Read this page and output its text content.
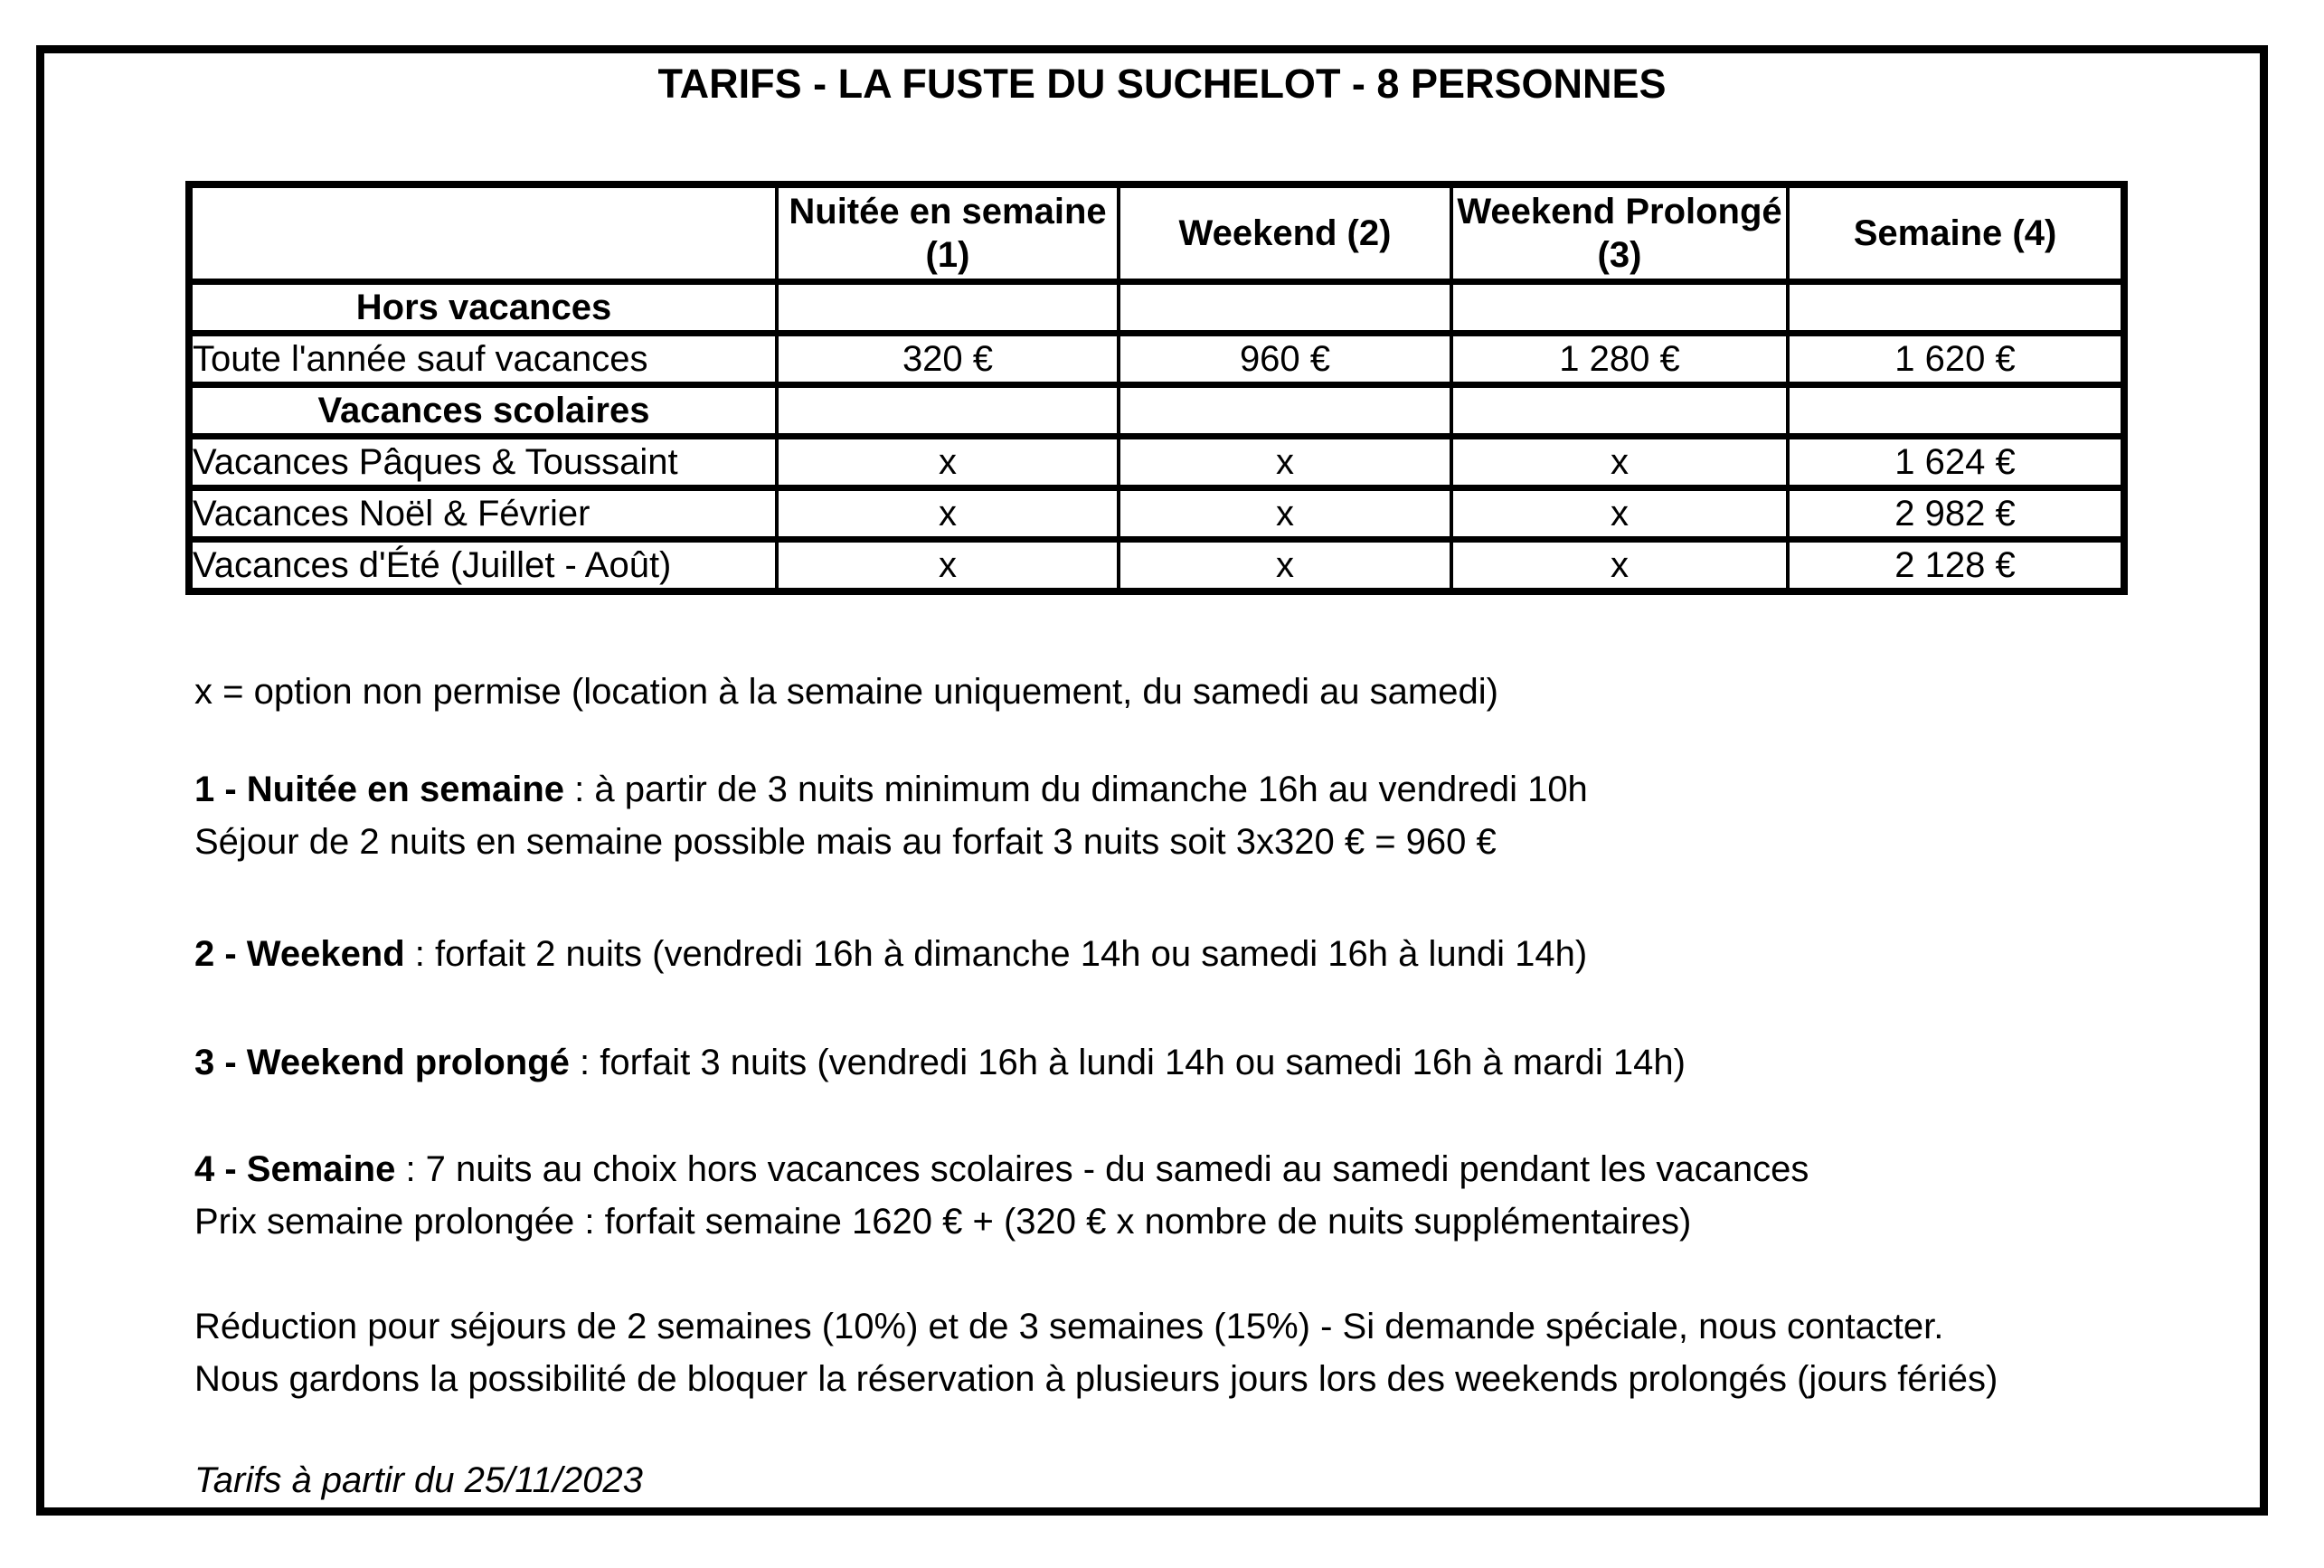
TARIFS - LA FUSTE DU SUCHELOT - 8 PERSONNES
	Nuitée en semaine (1)	Weekend (2)	Weekend Prolongé (3)	Semaine (4)
Hors vacances				
Toute l'année sauf vacances	320 €	960 €	1 280 €	1 620 €
Vacances scolaires				
Vacances Pâques & Toussaint	x	x	x	1 624 €
Vacances Noël & Février	x	x	x	2 982 €
Vacances d'Été (Juillet - Août)	x	x	x	2 128 €
x = option non permise (location à la semaine uniquement, du samedi au samedi)
1 - Nuitée en semaine : à partir de 3 nuits minimum du dimanche 16h au vendredi 10h
Séjour de 2 nuits en semaine possible mais au forfait 3 nuits soit 3x320 € = 960 €
2 - Weekend : forfait 2 nuits (vendredi 16h à dimanche 14h ou samedi 16h à lundi 14h)
3 - Weekend prolongé : forfait 3 nuits (vendredi 16h à lundi 14h ou samedi 16h à mardi 14h)
4 - Semaine : 7 nuits au choix hors vacances scolaires - du samedi au samedi pendant les vacances
Prix semaine prolongée : forfait semaine 1620 € + (320 € x nombre de nuits supplémentaires)
Réduction pour séjours de 2 semaines (10%) et de 3 semaines (15%) - Si demande spéciale, nous contacter.
Nous gardons la possibilité de bloquer la réservation à plusieurs jours lors des weekends prolongés (jours fériés)
Tarifs à partir du 25/11/2023
